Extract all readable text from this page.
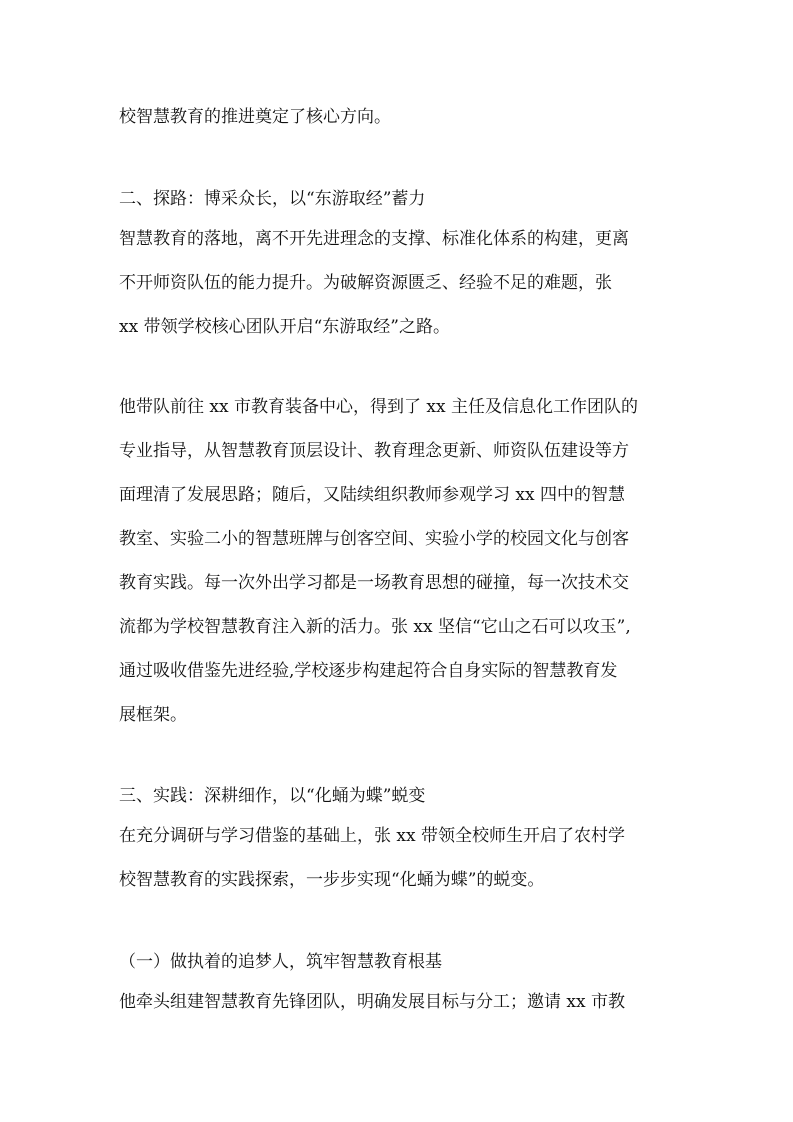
校智慧教育的推进奠定了核心方向。
二、探路：博采众长，以“东游取经”蓄力
智慧教育的落地，离不开先进理念的支撑、标准化体系的构建，更离
不开师资队伍的能力提升。为破解资源匮乏、经验不足的难题，张
xx 带领学校核心团队开启“东游取经”之路。
他带队前往 xx 市教育装备中心，得到了 xx 主任及信息化工作团队的
专业指导，从智慧教育顶层设计、教育理念更新、师资队伍建设等方
面理清了发展思路；随后，又陆续组织教师参观学习 xx 四中的智慧
教室、实验二小的智慧班牌与创客空间、实验小学的校园文化与创客
教育实践。每一次外出学习都是一场教育思想的碰撞，每一次技术交
流都为学校智慧教育注入新的活力。张 xx 坚信“它山之石可以攻玉”,
通过吸收借鉴先进经验,学校逐步构建起符合自身实际的智慧教育发
展框架。
三、实践：深耕细作，以“化蛹为蝶”蜕变
在充分调研与学习借鉴的基础上，张 xx 带领全校师生开启了农村学
校智慧教育的实践探索，一步步实现“化蛹为蝶”的蜕变。
（一）做执着的追梦人，筑牢智慧教育根基
他牵头组建智慧教育先锋团队，明确发展目标与分工；邀请 xx 市教
